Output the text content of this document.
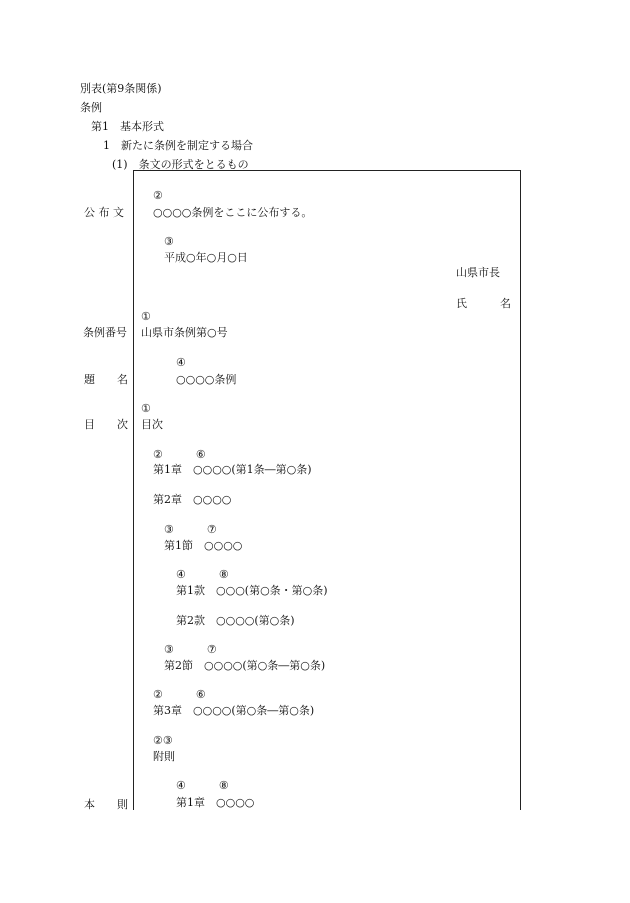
別表(第9条関係)
条例
第1　基本形式
1　新たに条例を制定する場合
(1)　条文の形式をとるもの
公 布 文
条例番号
題　　名
目　　次
本　　則
②
○○○○条例をここに公布する。
③
平成○年○月○日
山県市長
氏　　　名
①
山県市条例第○号
④
○○○○条例
①
目次
②　　　⑥
第1章　○○○○(第1条―第○条)
第2章　○○○○
③　　　⑦
第1節　○○○○
④　　　⑧
第1款　○○○(第○条・第○条)
第2款　○○○○(第○条)
③　　　⑦
第2節　○○○○(第○条―第○条)
②　　　⑥
第3章　○○○○(第○条―第○条)
②③
附則
④　　　⑧
第1章　○○○○
